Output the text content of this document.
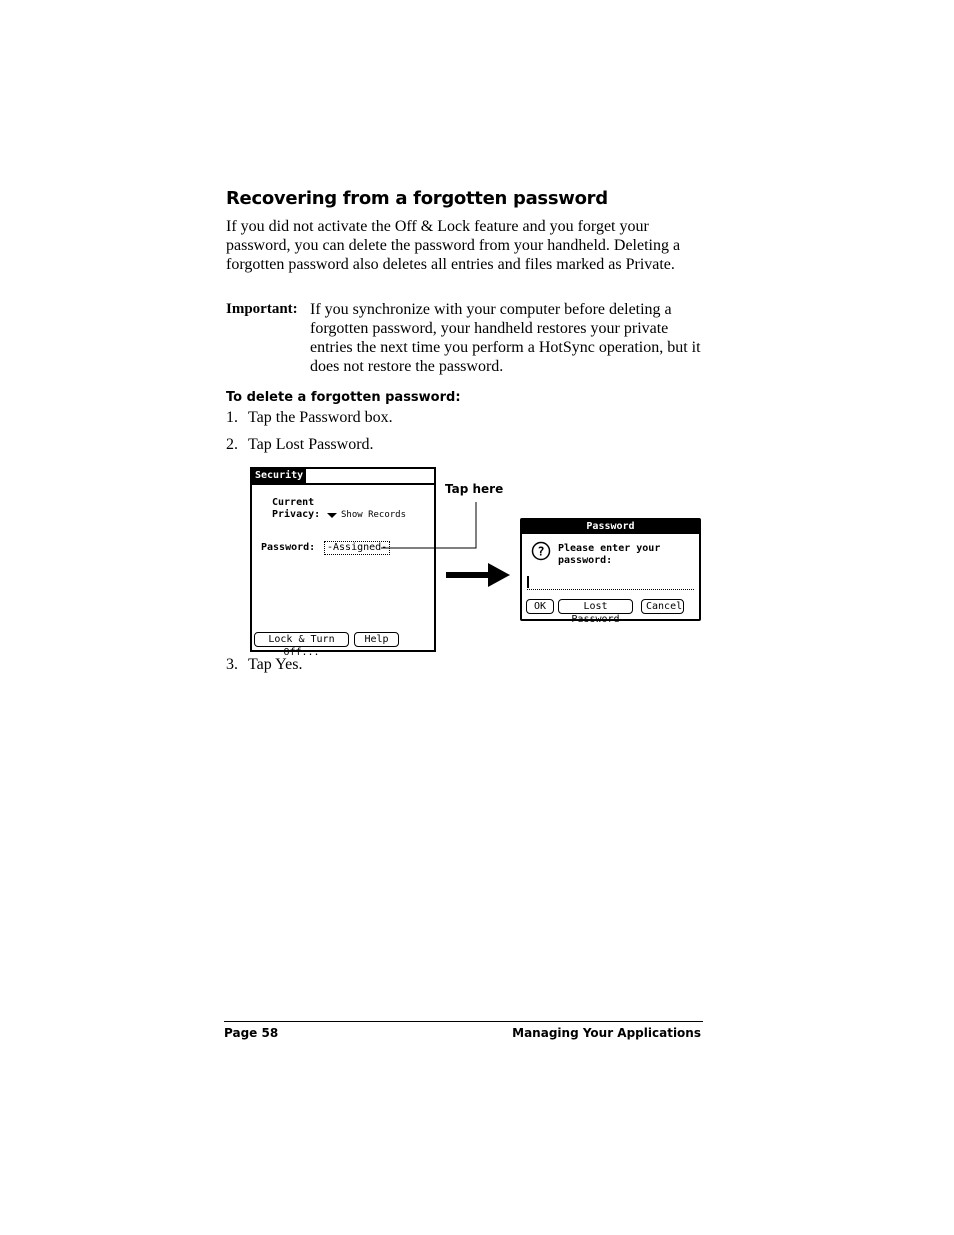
Recovering from a forgotten password
If you did not activate the Off & Lock feature and you forget your password, you can delete the password from your handheld. Deleting a forgotten password also deletes all entries and files marked as Private.
Important: If you synchronize with your computer before deleting a forgotten password, your handheld restores your private entries the next time you perform a HotSync operation, but it does not restore the password.
To delete a forgotten password:
1. Tap the Password box.
2. Tap Lost Password.
Security
Current
Privacy: Show Records
Password:	-Assigned-
Lock & Turn Off...
Help
Tap here
Password
? Please enter your
password:
OK	Lost Password
Cancel
3. Tap Yes.
Page 58	Managing Your Applications
